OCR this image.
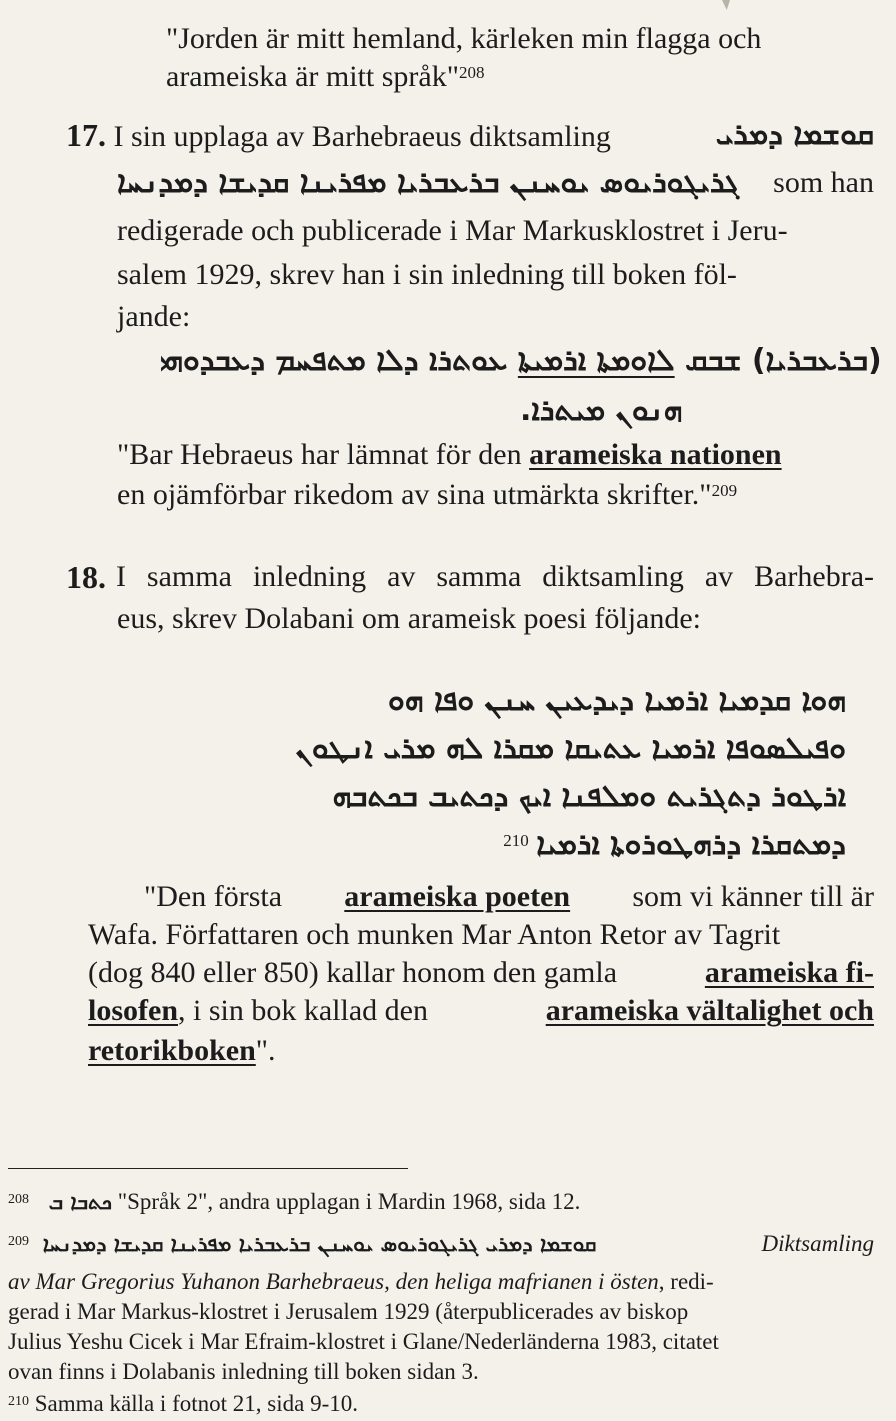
"Jorden är mitt hemland, kärleken min flagga och
arameiska är mitt språk"$^{208}$
17. I sin upplaga av Barhebraeus diktsamling	ܩܘܫܡܐ ܕܡܪܝ
ܓܪܝܓܘܪܝܘܣ ܝܘܚܢܢ ܒܪܥܒܪܝܐ ܡܦܪܝܢܐ ܩܕܝܫܐ ܕܡܕܢܚܐ som han
redigerade och publicerade i Mar Markusklostret i Jeru-
salem 1929, skrev han i sin inledning till boken föl-
jande:
(ܒܪܥܒܪܝܐ) ܫܒܩ ܠܐܘܡܬܐ ܐܪܡܝܬܐ ܥܘܬܪܐ ܕܠܐ ܡܬܦܚܡ ܕܥܒܕܘܗܝ
ܗܢܘܢ ܡܝܬܪܐ.
"Bar Hebraeus har lämnat för den arameiska nationen
en ojämförbar rikedom av sina utmärkta skrifter."$^{209}$
18. I samma inledning av samma diktsamling av Barhebra-
eus, skrev Dolabani om arameisk poesi följande:
ܗܘܐ ܩܕܡܝܐ ܐܪܡܝܐ ܕܝܕܥܝܢ ܚܢܢ ܘܦܐ ܗܘ
ܘܦܝܠܣܘܦܐ ܐܪܡܝܐ ܥܬܝܩܐ ܡܩܪܐ ܠܗ ܡܪܝ ܐܢܛܘܢ
ܐܪܛܘܪ ܕܬܓܪܝܬ ܘܡܠܦܢܐ ܐܝܟ ܕܟܬܝܒ ܒܟܬܒܗ
$^{210}$ ܕܡܬܩܪܐ ܕܪܗܛܘܪܘܬܐ ܐܪܡܝܐ
"Den första arameiska poeten som vi känner till är
Wafa. Författaren och munken Mar Anton Retor av Tagrit
(dog 840 eller 850) kallar honom den gamla	arameiska fi-
losofen, i sin bok kallad den	arameiska vältalighet och
retorikboken".
$^{208}$ ܟܬܒܐ ܒ "Språk 2", andra upplagan i Mardin 1968, sida 12.
$^{209}$ ܩܘܫܡܐ ܕܡܪܝ ܓܪܝܓܘܪܝܘܣ ܝܘܚܢܢ ܒܪܥܒܪܝܐ ܡܦܪܝܢܐ ܩܕܝܫܐ ܕܡܕܢܚܐ	Diktsamling
av Mar Gregorius Yuhanon Barhebraeus, den heliga mafrianen i östen, redi-
gerad i Mar Markus-klostret i Jerusalem 1929 (återpublicerades av biskop
Julius Yeshu Cicek i Mar Efraim-klostret i Glane/Nederländerna 1983, citatet
ovan finns i Dolabanis inledning till boken sidan 3.
$^{210}$ Samma källa i fotnot 21, sida 9-10.
